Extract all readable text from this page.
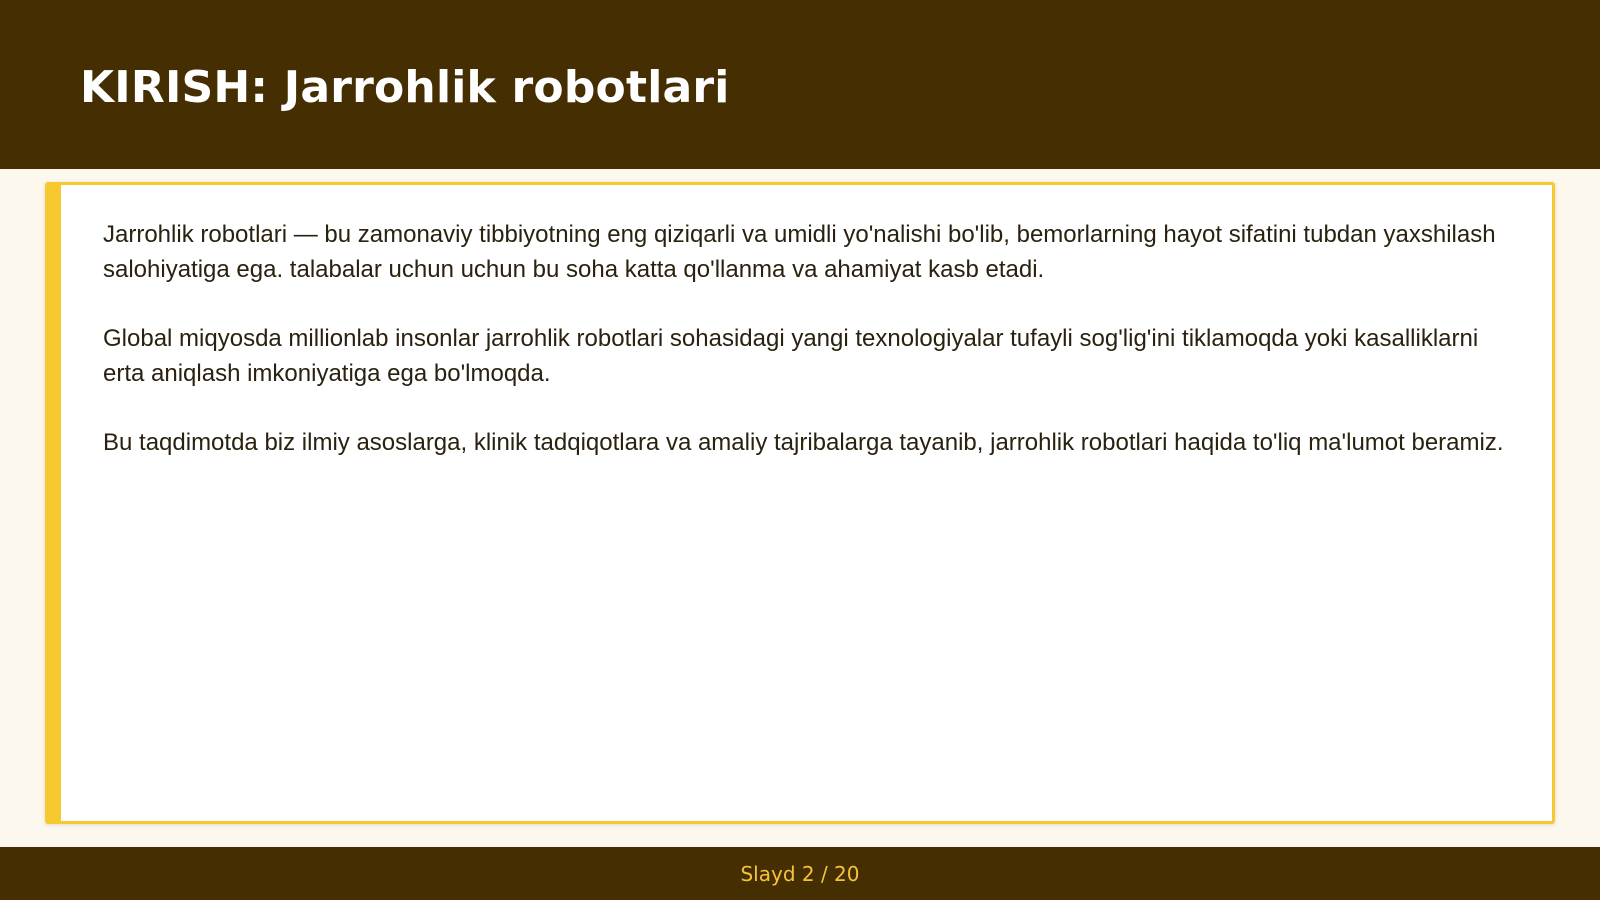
KIRISH: Jarrohlik robotlari

Jarrohlik robotlari — bu zamonaviy tibbiyotning eng qiziqarli va umidli yo'nalishi bo'lib, bemorlarning hayot sifatini tubdan yaxshilash salohiyatiga ega. talabalar uchun uchun bu soha katta qo'llanma va ahamiyat kasb etadi.

Global miqyosda millionlab insonlar jarrohlik robotlari sohasidagi yangi texnologiyalar tufayli sog'lig'ini tiklamoqda yoki kasalliklarni erta aniqlash imkoniyatiga ega bo'lmoqda.

Bu taqdimotda biz ilmiy asoslarga, klinik tadqiqotlara va amaliy tajribalarga tayanib, jarrohlik robotlari haqida to'liq ma'lumot beramiz.

Slayd 2 / 20
